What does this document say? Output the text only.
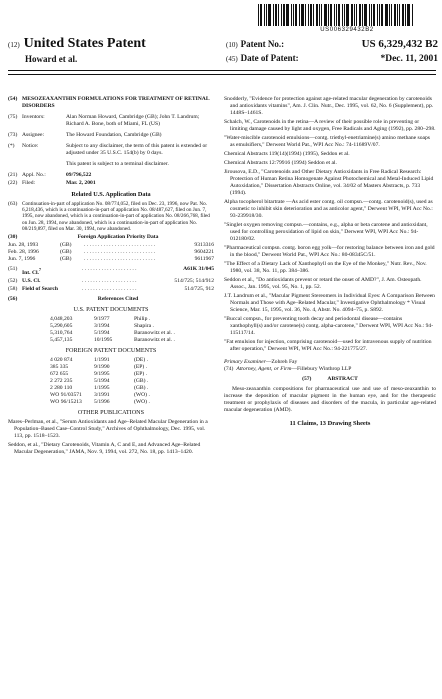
US006329432B2
(12) United States Patent
Howard et al.
(10) Patent No.:	US 6,329,432 B2
(45) Date of Patent:	*Dec. 11, 2001
(54) MESOZEAXANTHIN FORMULATIONS FOR TREATMENT OF RETINAL DISORDERS
(75) Inventors:	Alan Norman Howard, Cambridge (GB); John T. Landrum; Richard A. Bone, both of Miami, FL (US)
(73) Assignee:	The Howard Foundation, Cambridge (GB)
(*)	Notice:	Subject to any disclaimer, the term of this patent is extended or adjusted under 35 U.S.C. 154(b) by 0 days.
This patent is subject to a terminal disclaimer.
(21) Appl. No.:	09/796,522
(22) Filed:	Mar. 2, 2001
Related U.S. Application Data
(63) Continuation-in-part of application No. 08/774,052, filed on Dec. 23, 1996, now Pat. No. 6,218,436, which is a continuation-in-part of application No. 08/487,627, filed on Jun. 7, 1995, now abandoned, which is a continuation-in-part of application No. 08/266,768, filed on Jun. 28, 1994, now abandoned, which is a continuation-in-part of application No. 08/219,897, filed on Mar. 30, 1994, now abandoned.
(30)	Foreign Application Priority Data
Jun. 28, 1993	(GB)	. . . . . . . . . . . . . . . . . . . . . . . . . .	9313316
Feb. 28, 1996	(GB)	. . . . . . . . . . . . . . . . . . . . . . . . . .	9604221
Jun. 7, 1996	(GB)	. . . . . . . . . . . . . . . . . . . . . . . . . .	9611967
(51)
Int. Cl.$^7$	. . . . . . . . . . . . . . . . . . . .	A61K 31/045
(52) U.S. Cl.	. . . . . . . . . . . . . . . . . . . .	514/725; 514/912
(58) Field of Search	. . . . . . . . . . . . . . . . . . . .	514/725, 912
(56)	References Cited
U.S. PATENT DOCUMENTS
4,048,203	9/1977	Philip .
5,290,605	3/1994	Shapira .
5,310,764	5/1994	Baranowitz et al. .
5,457,135	10/1995	Baranowitz et al. .
FOREIGN PATENT DOCUMENTS
4 020 874	1/1991	(DE) .
385 335	9/1990	(EP) .
672 655	9/1995	(EP) .
2 272 235	5/1994	(GB) .
2 280 110	1/1995	(GB) .
WO 91/03571	3/1991	(WO) .
WO 96/15213	5/1996	(WO) .
OTHER PUBLICATIONS
Mares–Perlman, et al., "Serum Antioxidants and Age–Related Macular Degeneration in a Population–Based Case–Control Study," Archives of Ophthalmology, Dec. 1995, vol. 113, pp. 1518–1523.
Seddon, et al., "Dietary Carotenoids, Vitamin A, C and E, and Advanced Age–Related Macular Degeneration," JAMA, Nov. 9, 1994, vol. 272, No. 18, pp. 1413–1420.
Snodderly, "Evidence for protection against age-related macular degeneration by carotenoids and antioxidants vitamins", Am. J. Clin. Nutr., Dec. 1995, vol. 62, No. 6 (Supplement), pp. 1448S–1461S.
Schalch, W., Carotenoids in the retina—A review of their possible role in preventing or limiting damage caused by light and oxygen, Free Radicals and Aging (1992), pp. 280–298.
"Water-miscible carotenoid emulsions—contg. triethyl-enetriamine(s) amino methane soaps as emulsifiers," Derwent World Pat., WPI Acc No.: 74-11689V/07.
Chemical Abstracts 119(14)(1994) (1995), Seddon et al.
Chemical Abstracts 12:79916 (1994) Seddon et al.
Jirousova, E.D., "Carotenoids and Other Dietary Antioxidants in Free Radical Research: Protection of Human Retina Homogenate Against Photochemical and Metal-Induced Lipid Autoxidation," Dissertation Abstracts Online, vol. 34/02 of Masters Abstracts, p. 733 (1994).
Alpha tocopherol bitartrate —As acid ester contg. oil compsn.—contg. carotenoid(s), used as cosmetic to inhibit skin deterioration and as anticolor agent," Derwent WPI, WPI Acc No.: 93-239918/30.
"Singlet oxygen removing compsn.—contains, e.g., alpha or beta carotene and antioxidant, used for controlling peroxidation of lipid on skin," Derwent WPI, WPI Acc No.: 94-012180/02.
"Pharmaceutical compsn. contg. boron egg yolk—for restoring balance between iron and gold in the blood," Derwent World Pat., WPI Acc No.: 80-08345C/51.
"The Effect of a Dietary Lack of Xanthophyll on the Eye of the Monkey," Nutr. Rev., Nov. 1980, vol. 38, No. 11, pp. 384–386.
Seddon et al., "Do antioxidants prevent or retard the onset of AMD?", J. Am. Osteopath. Assoc., Jan. 1995, vol. 95, No. 1, pp. 52.
J.T. Landrum et al., "Macular Pigment Stereomers in Individual Eyes: A Comparison Between Normals and Those with Age–Related Macular," Investigative Ophthalmology * Visual Science, Mar. 15, 1995, vol. 36, No. 4, Abstr. No. 4094–75, p. S892.
"Buccal compsn., for preventing tooth decay and periodontal disease—contains xanthophyll(s) and/or carotene(s) contg. alpha-carotene," Derwent WPI, WPI Acc No.: 94-115117/14.
"Fat emulsion for injection, comprising carotenoid—used for intravenous supply of nutrition after operation," Derwent WPI, WPI Acc No.: 94-221775/27.
Primary Examiner—Zohreh Fay
(74) Attorney, Agent, or Firm—Fillebury Winthrop LLP
(57)	ABSTRACT
Meso-zeaxanthin compositions for pharmaceutical use and use of meso-zeaxanthin to increase the deposition of macular pigment in the human eye, and for the therapeutic treatment or prophylaxis of diseases and disorders of the macula, in particular age-related macular degeneration (AMD).
11 Claims, 13 Drawing Sheets
